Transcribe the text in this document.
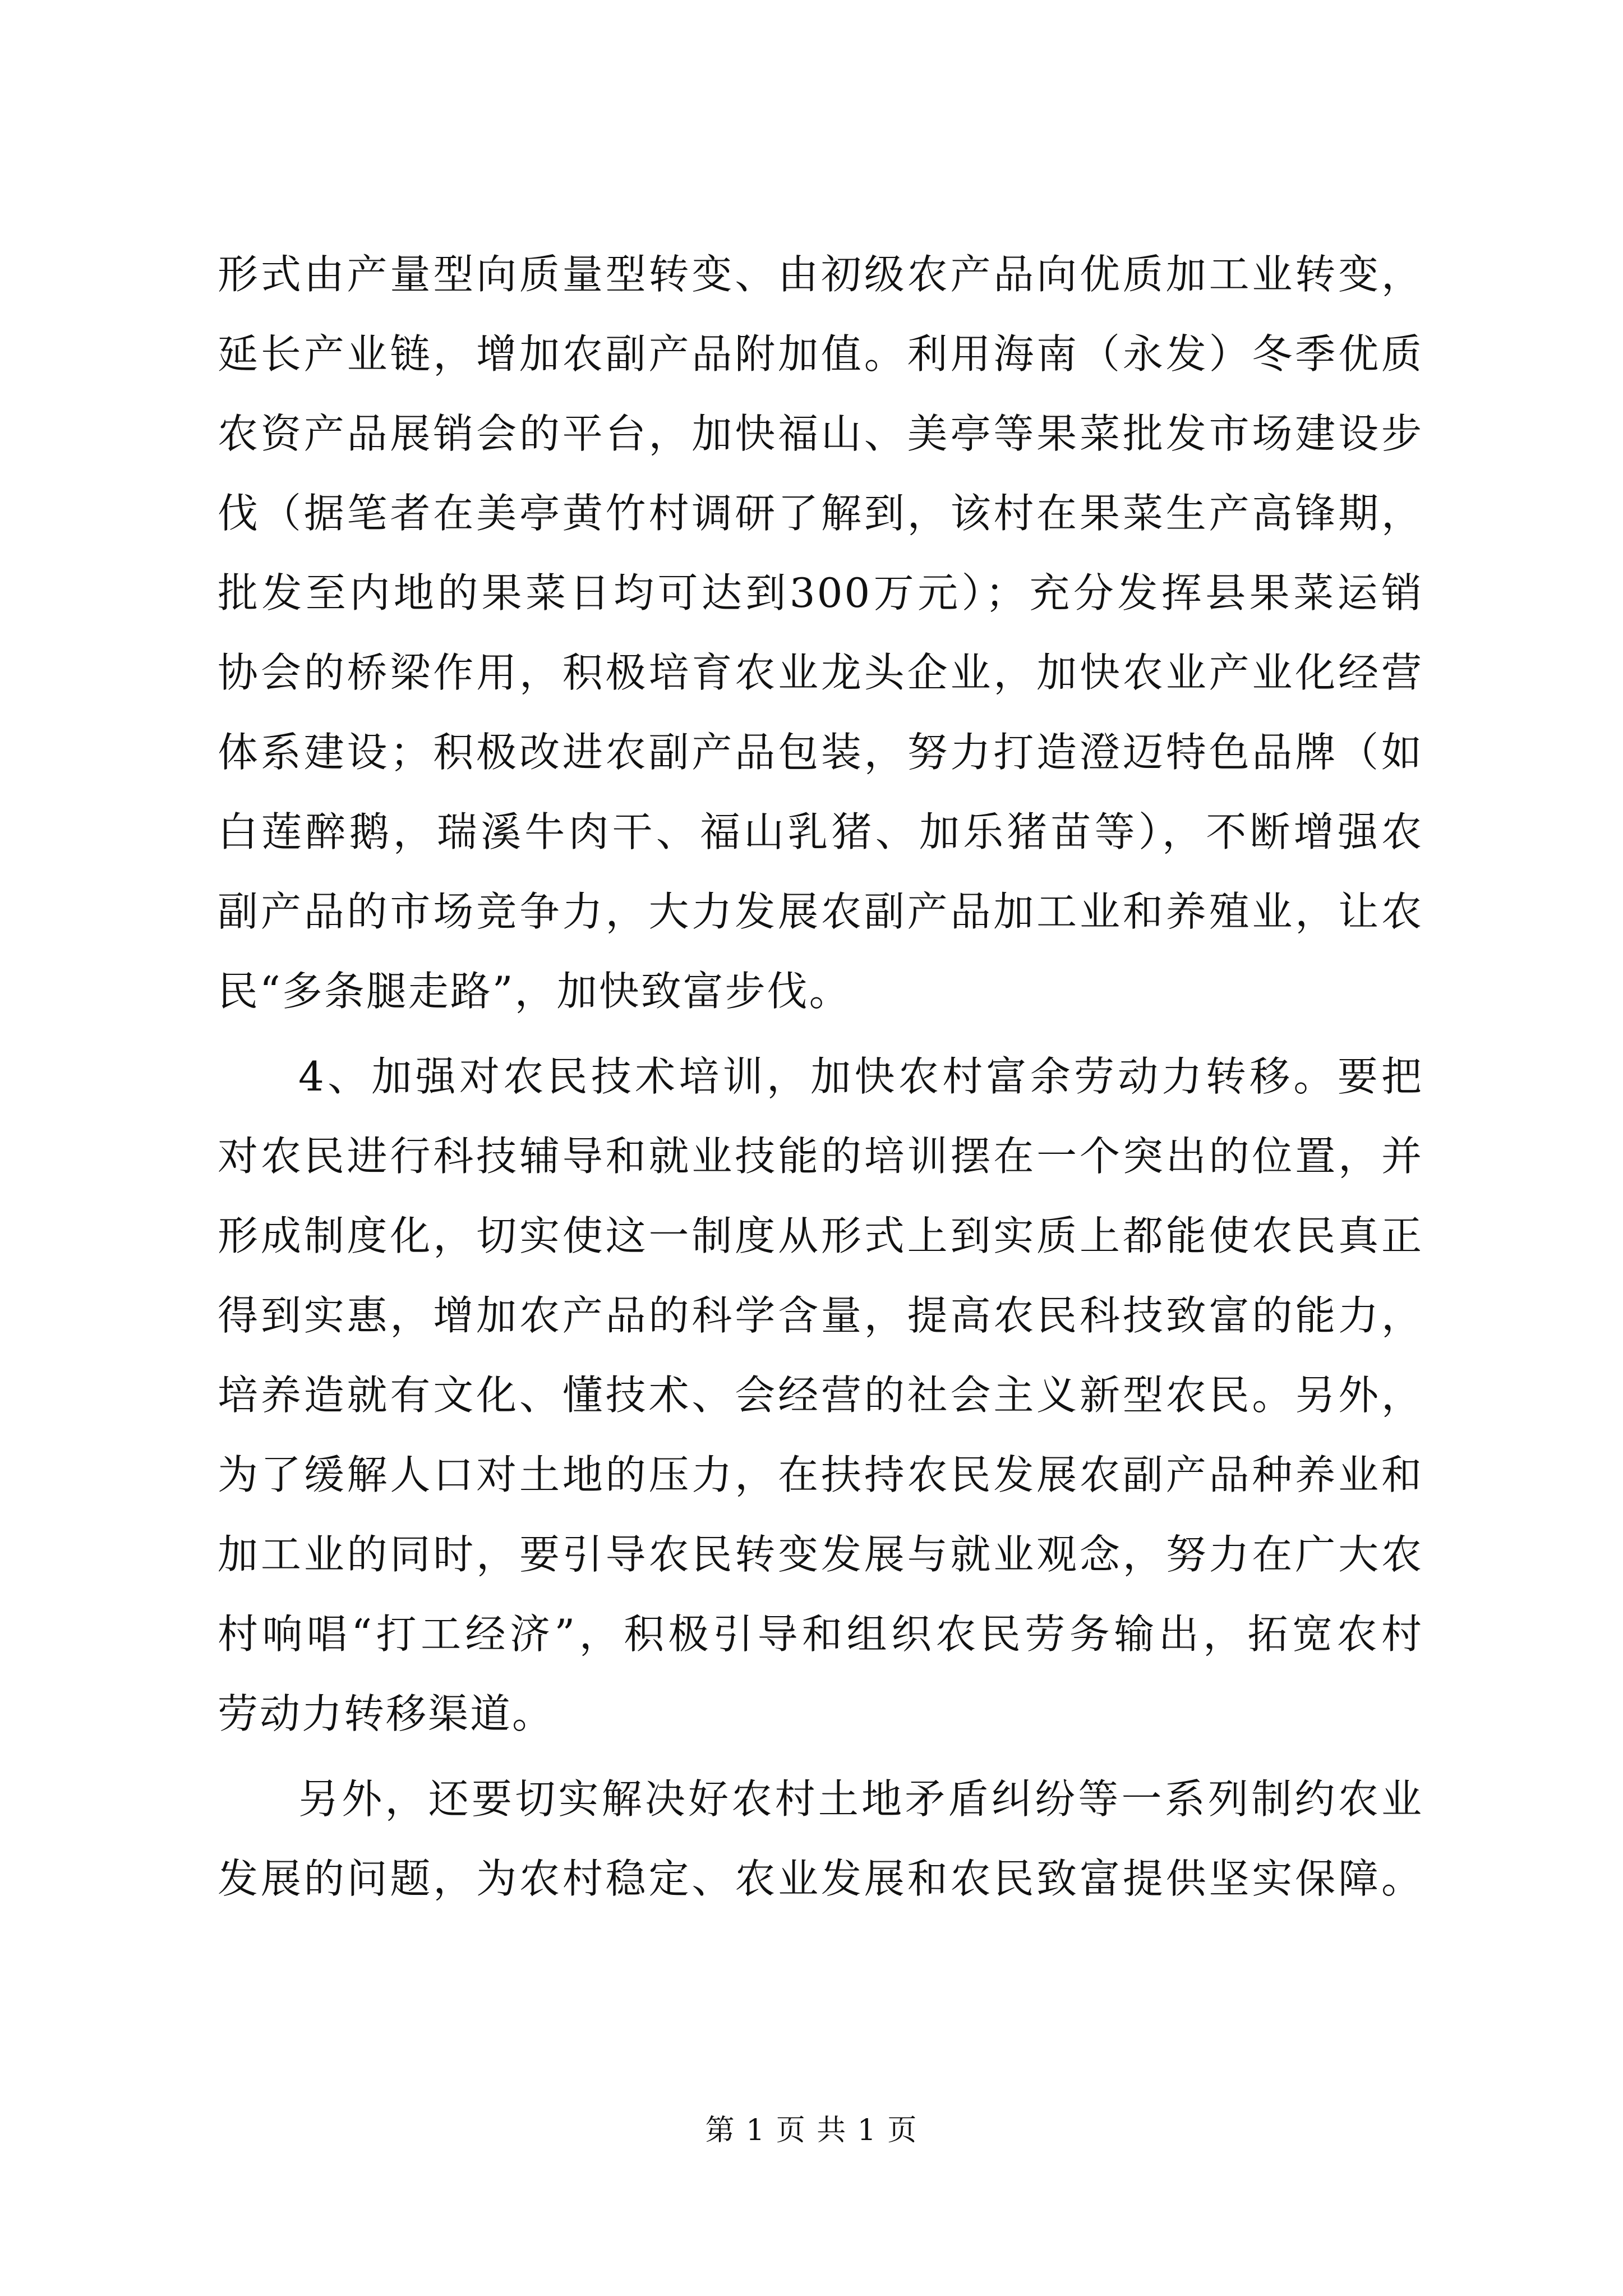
形式由产量型向质量型转变、由初级农产品向优质加工业转变，
延长产业链，增加农副产品附加值。利用海南（永发）冬季优质
农资产品展销会的平台，加快福山、美亭等果菜批发市场建设步
伐（据笔者在美亭黄竹村调研了解到，该村在果菜生产高锋期，
批发至内地的果菜日均可达到300万元）；充分发挥县果菜运销
协会的桥梁作用，积极培育农业龙头企业，加快农业产业化经营
体系建设；积极改进农副产品包装，努力打造澄迈特色品牌（如
白莲醉鹅，瑞溪牛肉干、福山乳猪、加乐猪苗等），不断增强农
副产品的市场竞争力，大力发展农副产品加工业和养殖业，让农
民“多条腿走路”，加快致富步伐。
4、加强对农民技术培训，加快农村富余劳动力转移。要把
对农民进行科技辅导和就业技能的培训摆在一个突出的位置，并
形成制度化，切实使这一制度从形式上到实质上都能使农民真正
得到实惠，增加农产品的科学含量，提高农民科技致富的能力，
培养造就有文化、懂技术、会经营的社会主义新型农民。另外，
为了缓解人口对土地的压力，在扶持农民发展农副产品种养业和
加工业的同时，要引导农民转变发展与就业观念，努力在广大农
村响唱“打工经济”，积极引导和组织农民劳务输出，拓宽农村
劳动力转移渠道。
另外，还要切实解决好农村土地矛盾纠纷等一系列制约农业
发展的问题，为农村稳定、农业发展和农民致富提供坚实保障。
第 1 页 共 1 页
